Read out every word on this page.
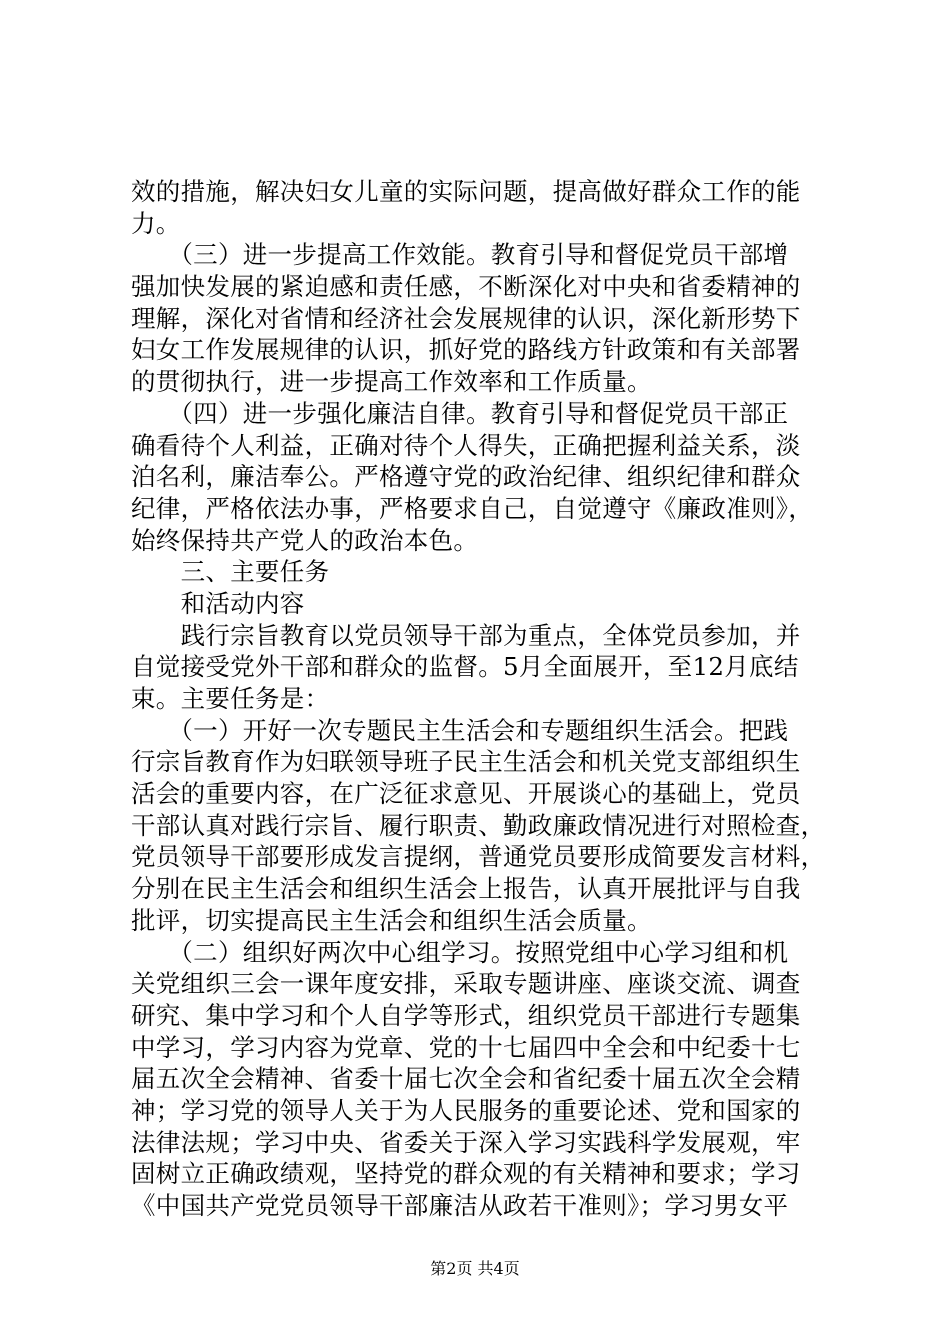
效的措施，解决妇女儿童的实际问题，提高做好群众工作的能
力。
　　（三）进一步提高工作效能。教育引导和督促党员干部增
强加快发展的紧迫感和责任感，不断深化对中央和省委精神的
理解，深化对省情和经济社会发展规律的认识，深化新形势下
妇女工作发展规律的认识，抓好党的路线方针政策和有关部署
的贯彻执行，进一步提高工作效率和工作质量。
　　（四）进一步强化廉洁自律。教育引导和督促党员干部正
确看待个人利益，正确对待个人得失，正确把握利益关系，淡
泊名利，廉洁奉公。严格遵守党的政治纪律、组织纪律和群众
纪律，严格依法办事，严格要求自己，自觉遵守《廉政准则》，
始终保持共产党人的政治本色。
　　三、主要任务
　　和活动内容
　　践行宗旨教育以党员领导干部为重点，全体党员参加，并
自觉接受党外干部和群众的监督。5月全面展开，至12月底结
束。主要任务是：
　　（一）开好一次专题民主生活会和专题组织生活会。把践
行宗旨教育作为妇联领导班子民主生活会和机关党支部组织生
活会的重要内容，在广泛征求意见、开展谈心的基础上，党员
干部认真对践行宗旨、履行职责、勤政廉政情况进行对照检查，
党员领导干部要形成发言提纲，普通党员要形成简要发言材料，
分别在民主生活会和组织生活会上报告，认真开展批评与自我
批评，切实提高民主生活会和组织生活会质量。
　　（二）组织好两次中心组学习。按照党组中心学习组和机
关党组织三会一课年度安排，采取专题讲座、座谈交流、调查
研究、集中学习和个人自学等形式，组织党员干部进行专题集
中学习，学习内容为党章、党的十七届四中全会和中纪委十七
届五次全会精神、省委十届七次全会和省纪委十届五次全会精
神；学习党的领导人关于为人民服务的重要论述、党和国家的
法律法规；学习中央、省委关于深入学习实践科学发展观，牢
固树立正确政绩观，坚持党的群众观的有关精神和要求；学习
《中国共产党党员领导干部廉洁从政若干准则》；学习男女平
第2页 共4页
